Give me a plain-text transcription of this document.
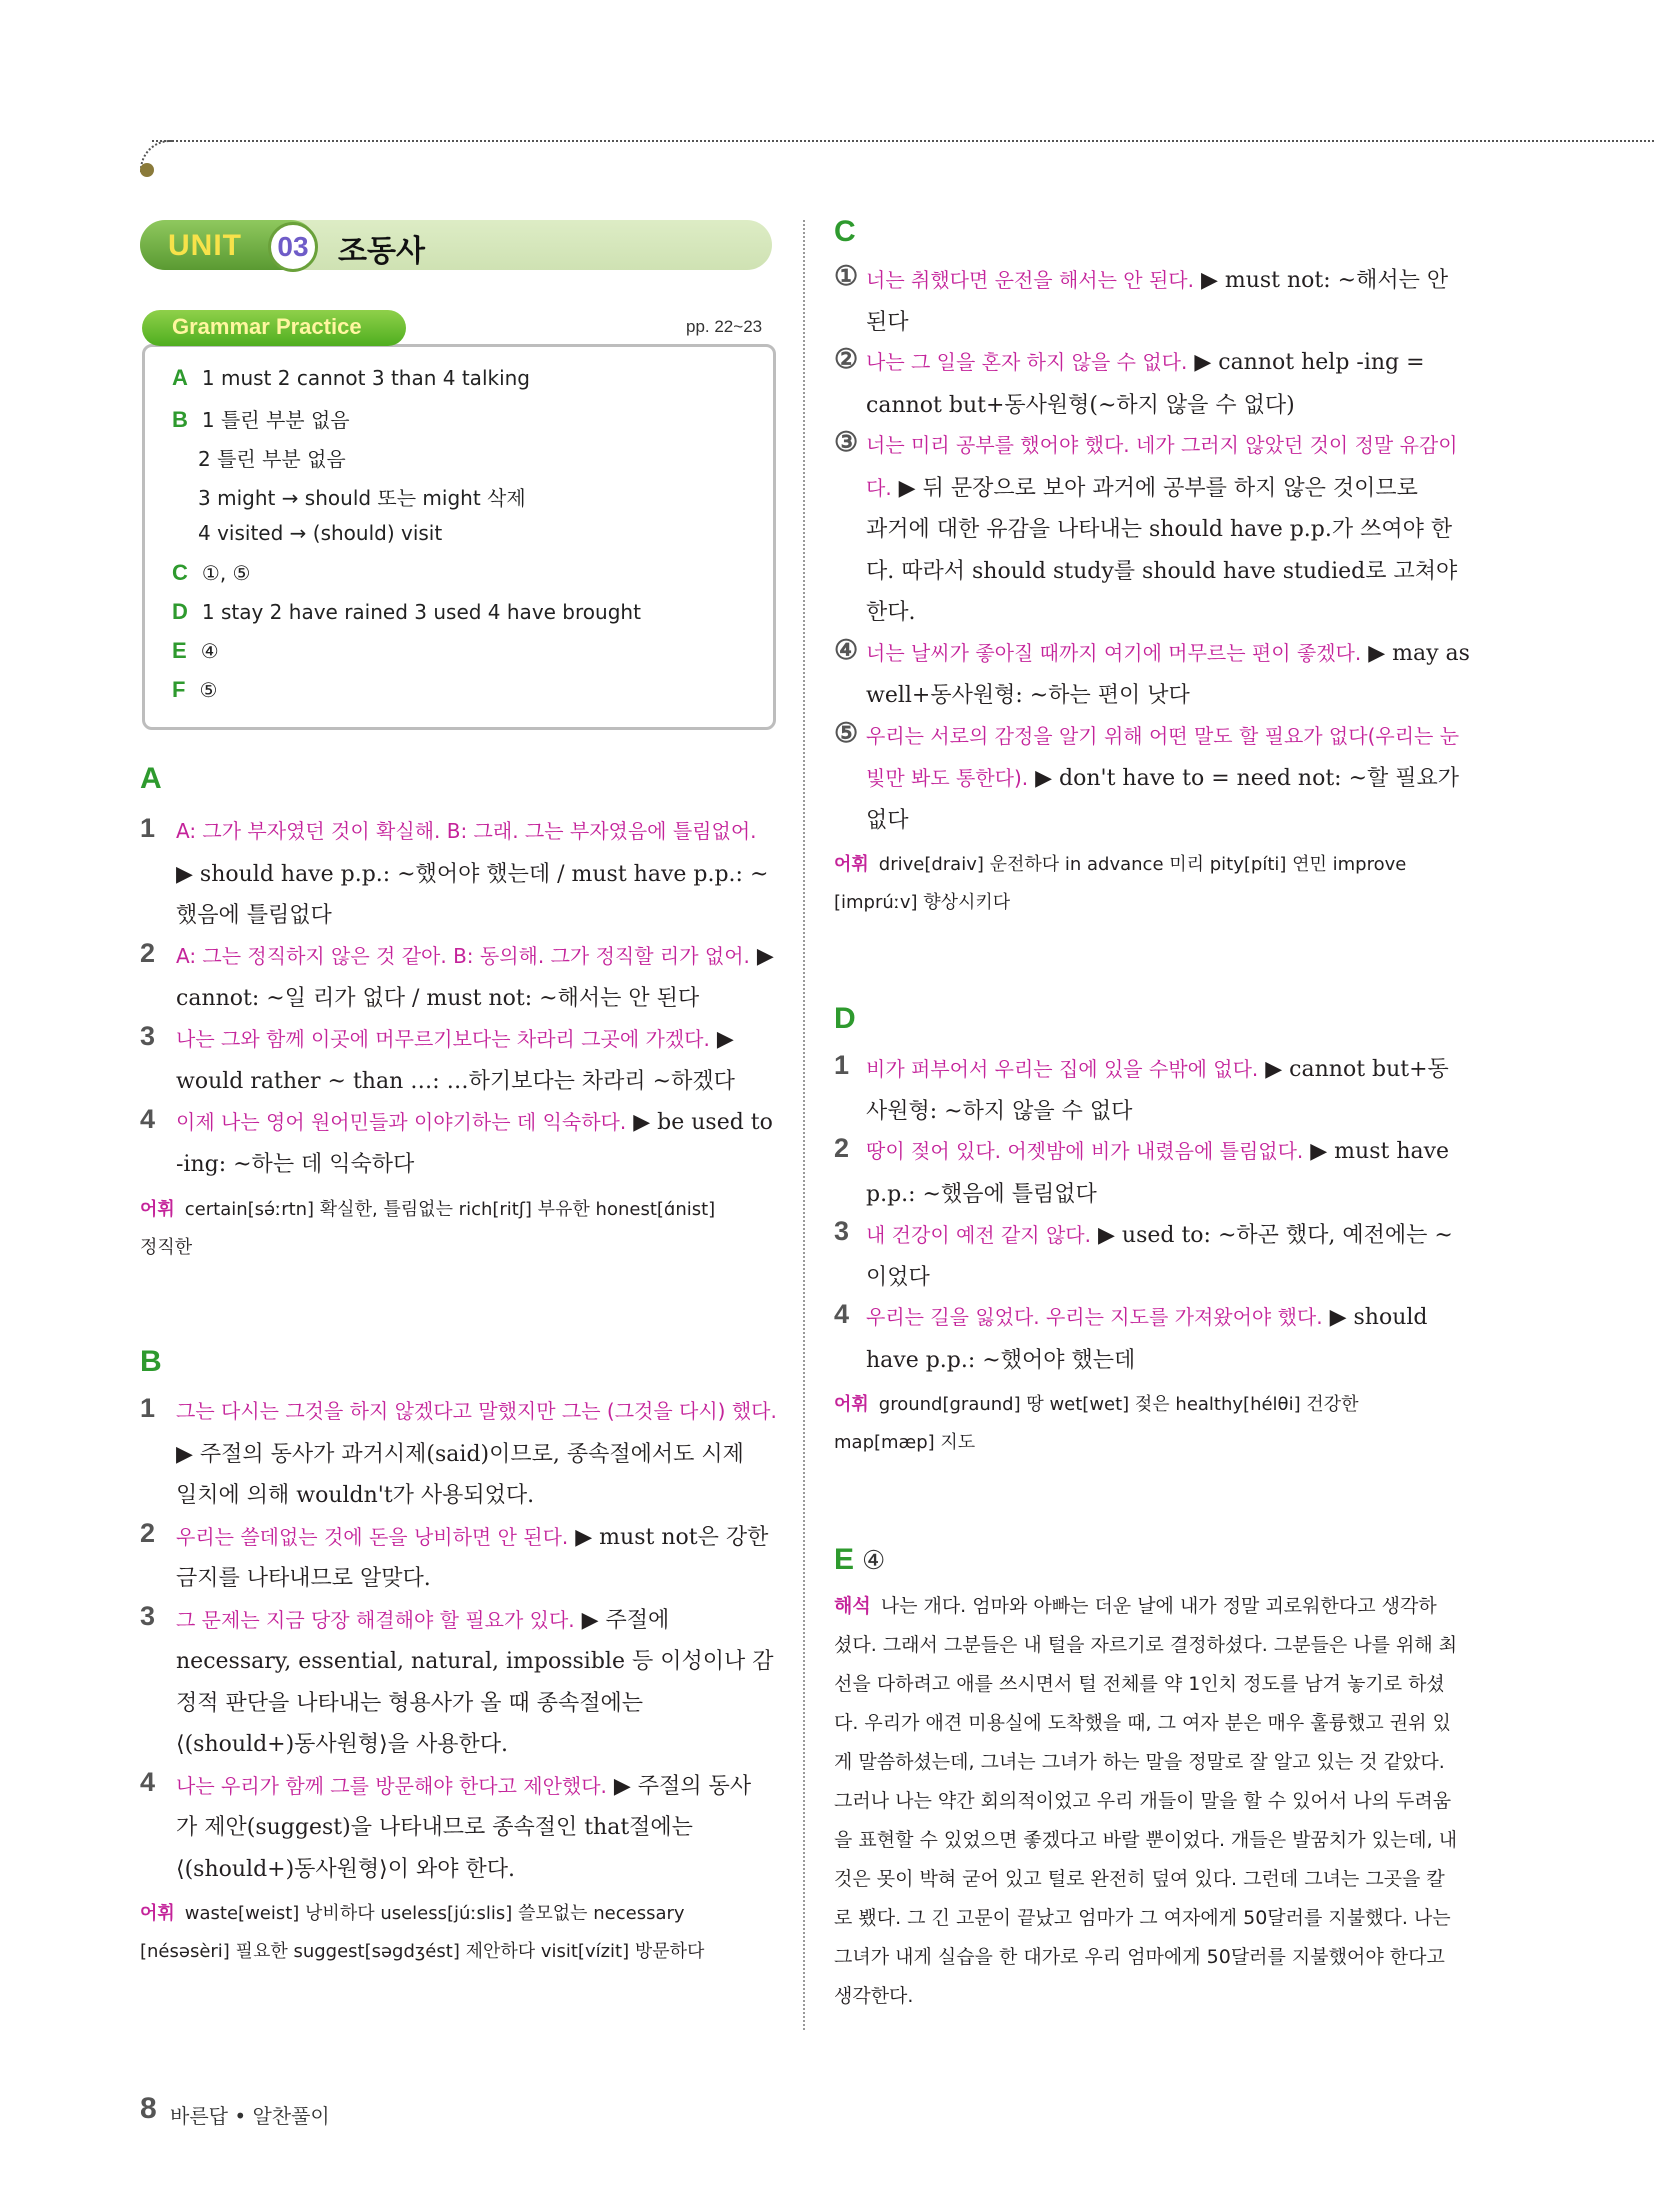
UNIT	03 조동사
Grammar Practice	pp. 22~23
A 1 must 2 cannot 3 than 4 talking
B 1 틀린 부분 없음
2 틀린 부분 없음
3 might → should 또는 might 삭제
4 visited → (should) visit
C ①, ⑤
D 1 stay 2 have rained 3 used 4 have brought
E ④
F ⑤
A
1 A: 그가 부자였던 것이 확실해. B: 그래. 그는 부자였음에 틀림없어.
▶ should have p.p.: ~했어야 했는데 / must have p.p.: ~
했음에 틀림없다
2 A: 그는 정직하지 않은 것 같아. B: 동의해. 그가 정직할 리가 없어. ▶
cannot: ~일 리가 없다 / must not: ~해서는 안 된다
3 나는 그와 함께 이곳에 머무르기보다는 차라리 그곳에 가겠다. ▶
would rather ~ than …: …하기보다는 차라리 ~하겠다
4 이제 나는 영어 원어민들과 이야기하는 데 익숙하다. ▶ be used to
-ing: ~하는 데 익숙하다
어휘 certain[sə́ːrtn] 확실한, 틀림없는 rich[ritʃ] 부유한 honest[ɑ́nist]
정직한
B
1 그는 다시는 그것을 하지 않겠다고 말했지만 그는 (그것을 다시) 했다.
▶ 주절의 동사가 과거시제(said)이므로, 종속절에서도 시제
일치에 의해 wouldn't가 사용되었다.
2 우리는 쓸데없는 것에 돈을 낭비하면 안 된다. ▶ must not은 강한
금지를 나타내므로 알맞다.
3 그 문제는 지금 당장 해결해야 할 필요가 있다. ▶ 주절에
necessary, essential, natural, impossible 등 이성이나 감
정적 판단을 나타내는 형용사가 올 때 종속절에는
⟨(should+)동사원형⟩을 사용한다.
4 나는 우리가 함께 그를 방문해야 한다고 제안했다. ▶ 주절의 동사
가 제안(suggest)을 나타내므로 종속절인 that절에는
⟨(should+)동사원형⟩이 와야 한다.
어휘 waste[weist] 낭비하다 useless[júːslis] 쓸모없는 necessary
[nésəsèri] 필요한 suggest[səgdʒést] 제안하다 visit[vízit] 방문하다
C
① 너는 취했다면 운전을 해서는 안 된다. ▶ must not: ~해서는 안
된다
② 나는 그 일을 혼자 하지 않을 수 없다. ▶ cannot help -ing =
cannot but+동사원형(~하지 않을 수 없다)
③ 너는 미리 공부를 했어야 했다. 네가 그러지 않았던 것이 정말 유감이
다. ▶ 뒤 문장으로 보아 과거에 공부를 하지 않은 것이므로
과거에 대한 유감을 나타내는 should have p.p.가 쓰여야 한
다. 따라서 should study를 should have studied로 고쳐야
한다.
④ 너는 날씨가 좋아질 때까지 여기에 머무르는 편이 좋겠다. ▶ may as
well+동사원형: ~하는 편이 낫다
⑤ 우리는 서로의 감정을 알기 위해 어떤 말도 할 필요가 없다(우리는 눈
빛만 봐도 통한다). ▶ don't have to = need not: ~할 필요가
없다
어휘 drive[draiv] 운전하다 in advance 미리 pity[píti] 연민 improve
[imprúːv] 향상시키다
D
1 비가 퍼부어서 우리는 집에 있을 수밖에 없다. ▶ cannot but+동
사원형: ~하지 않을 수 없다
2 땅이 젖어 있다. 어젯밤에 비가 내렸음에 틀림없다. ▶ must have
p.p.: ~했음에 틀림없다
3 내 건강이 예전 같지 않다. ▶ used to: ~하곤 했다, 예전에는 ~
이었다
4 우리는 길을 잃었다. 우리는 지도를 가져왔어야 했다. ▶ should
have p.p.: ~했어야 했는데
어휘 ground[graund] 땅 wet[wet] 젖은 healthy[hélθi] 건강한
map[mæp] 지도
E ④
해석 나는 개다. 엄마와 아빠는 더운 날에 내가 정말 괴로워한다고 생각하
셨다. 그래서 그분들은 내 털을 자르기로 결정하셨다. 그분들은 나를 위해 최
선을 다하려고 애를 쓰시면서 털 전체를 약 1인치 정도를 남겨 놓기로 하셨
다. 우리가 애견 미용실에 도착했을 때, 그 여자 분은 매우 훌륭했고 권위 있
게 말씀하셨는데, 그녀는 그녀가 하는 말을 정말로 잘 알고 있는 것 같았다.
그러나 나는 약간 회의적이었고 우리 개들이 말을 할 수 있어서 나의 두려움
을 표현할 수 있었으면 좋겠다고 바랄 뿐이었다. 개들은 발꿈치가 있는데, 내
것은 못이 박혀 굳어 있고 털로 완전히 덮여 있다. 그런데 그녀는 그곳을 칼
로 뵀다. 그 긴 고문이 끝났고 엄마가 그 여자에게 50달러를 지불했다. 나는
그녀가 내게 실습을 한 대가로 우리 엄마에게 50달러를 지불했어야 한다고
생각한다.
8 바른답 • 알찬풀이
